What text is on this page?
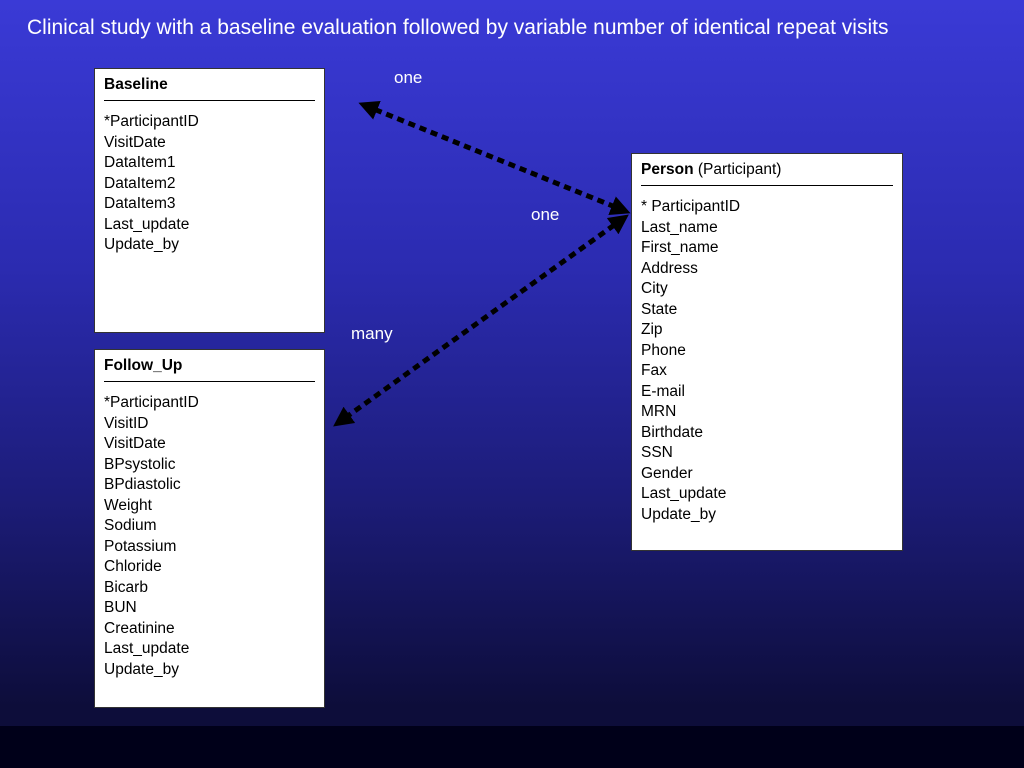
Clinical study with a baseline evaluation followed by variable number of identical repeat visits
one
one
many
Baseline
*ParticipantID
VisitDate
DataItem1
DataItem2
DataItem3
Last_update
Update_by
Follow_Up
*ParticipantID
VisitID
VisitDate
BPsystolic
BPdiastolic
Weight
Sodium
Potassium
Chloride
Bicarb
BUN
Creatinine
Last_update
Update_by
Person (Participant)
* ParticipantID
Last_name
First_name
Address
City
State
Zip
Phone
Fax
E-mail
MRN
Birthdate
SSN
Gender
Last_update
Update_by
